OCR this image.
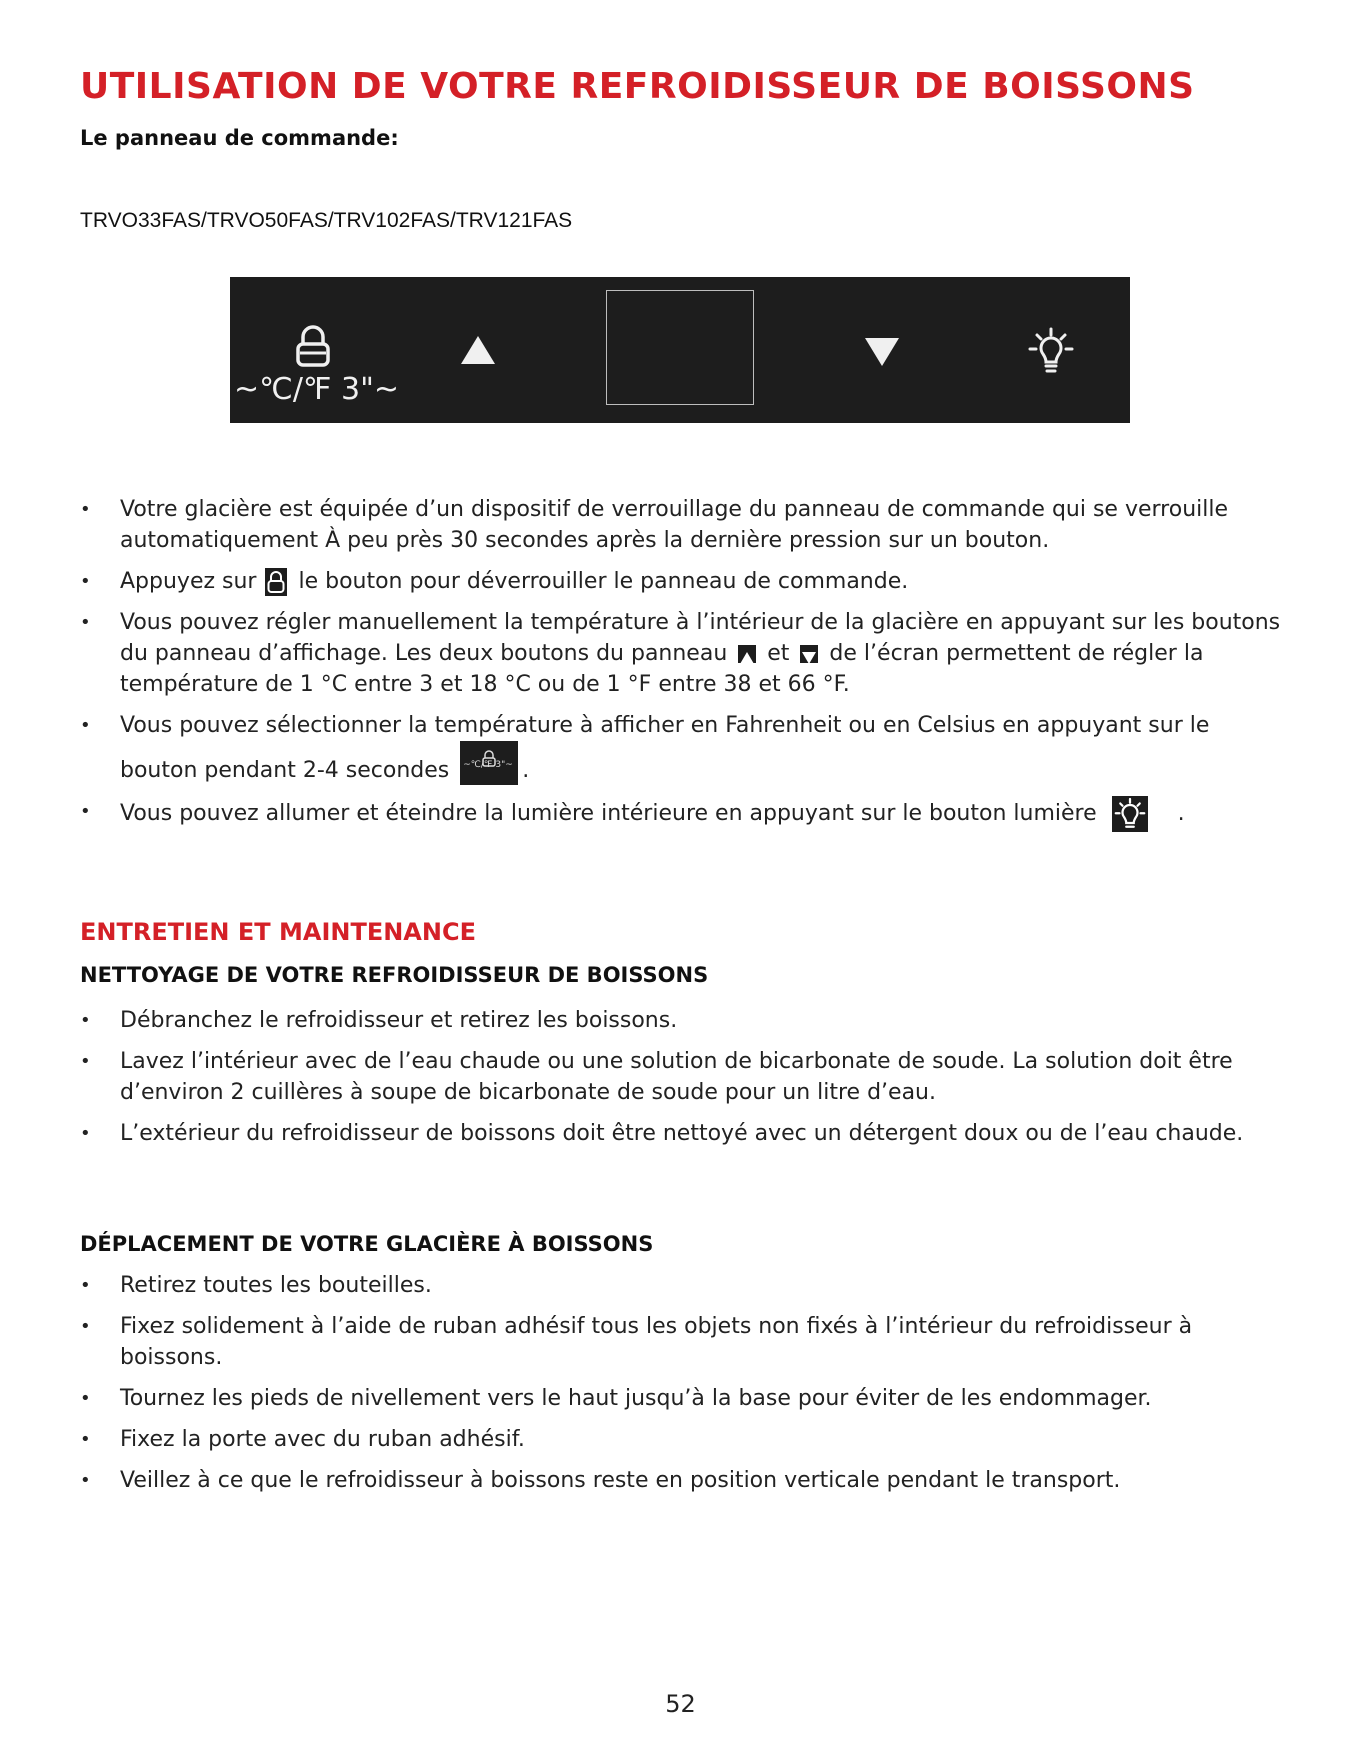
UTILISATION DE VOTRE REFROIDISSEUR DE BOISSONS
Le panneau de commande:
TRVO33FAS/TRVO50FAS/TRV102FAS/TRV121FAS
~℃/℉ 3"~
• Votre glacière est équipée d’un dispositif de verrouillage du panneau de commande qui se verrouille automatiquement À peu près 30 secondes après la dernière pression sur un bouton.
• Appuyez sur  le bouton pour déverrouiller le panneau de commande.
• Vous pouvez régler manuellement la température à l’intérieur de la glacière en appuyant sur les boutons du panneau d’affichage. Les deux boutons du panneau  et  de l’écran permettent de régler la température de 1 °C entre 3 et 18 °C ou de 1 °F entre 38 et 66 °F.
• Vous pouvez sélectionner la température à afficher en Fahrenheit ou en Celsius en appuyant sur le bouton pendant 2-4 secondes ~℃/℉ 3"~ .
• Vous pouvez allumer et éteindre la lumière intérieure en appuyant sur le bouton lumière	.
ENTRETIEN ET MAINTENANCE
NETTOYAGE DE VOTRE REFROIDISSEUR DE BOISSONS
• Débranchez le refroidisseur et retirez les boissons.
• Lavez l’intérieur avec de l’eau chaude ou une solution de bicarbonate de soude. La solution doit être d’environ 2 cuillères à soupe de bicarbonate de soude pour un litre d’eau.
• L’extérieur du refroidisseur de boissons doit être nettoyé avec un détergent doux ou de l’eau chaude.
DÉPLACEMENT DE VOTRE GLACIÈRE À BOISSONS
• Retirez toutes les bouteilles.
• Fixez solidement à l’aide de ruban adhésif tous les objets non fixés à l’intérieur du refroidisseur à boissons.
• Tournez les pieds de nivellement vers le haut jusqu’à la base pour éviter de les endommager.
• Fixez la porte avec du ruban adhésif.
• Veillez à ce que le refroidisseur à boissons reste en position verticale pendant le transport.
52
